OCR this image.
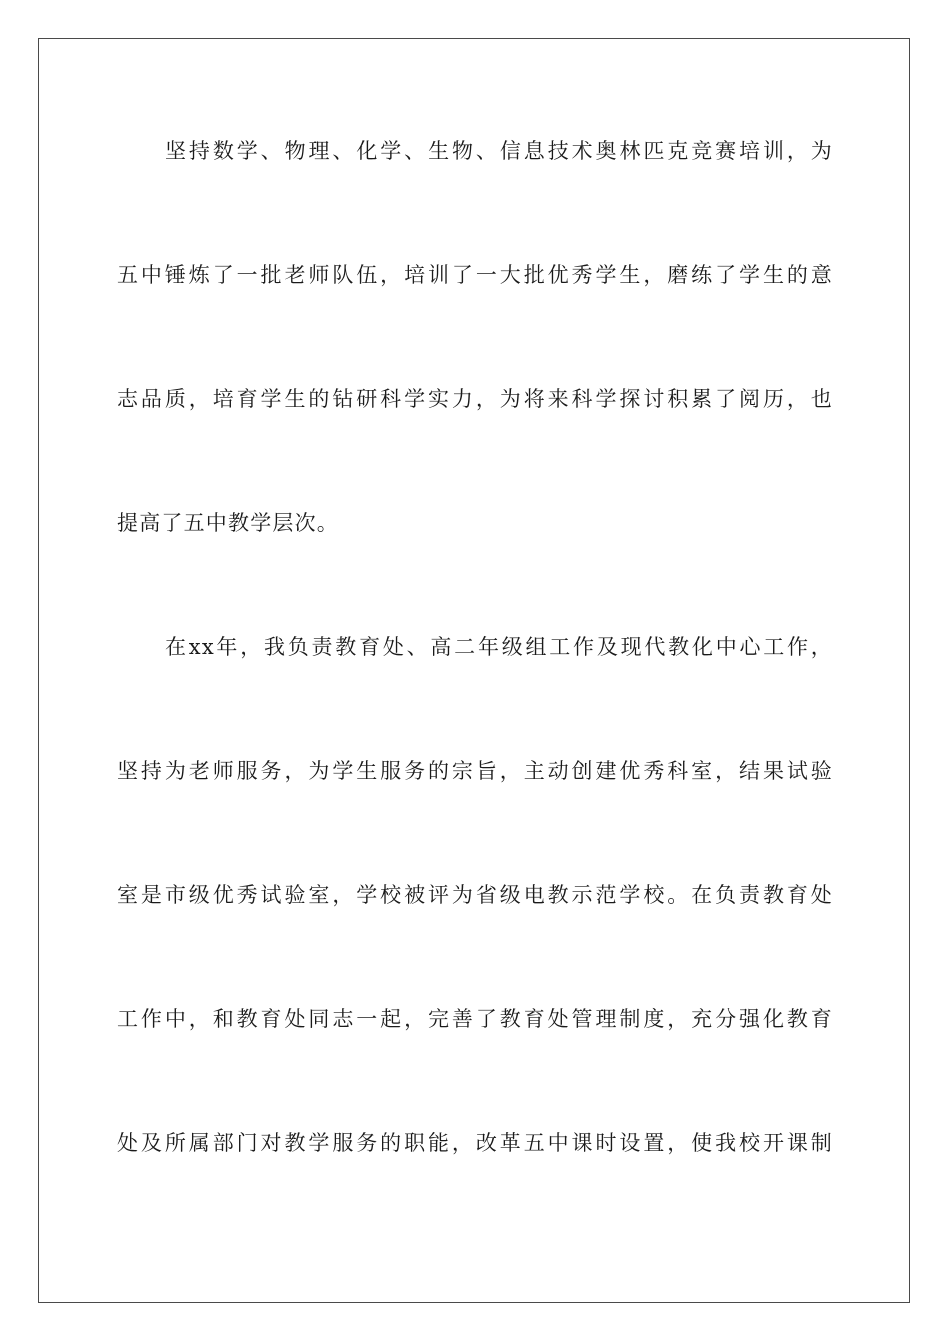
坚持数学、物理、化学、生物、信息技术奥林匹克竞赛培训，为
五中锤炼了一批老师队伍，培训了一大批优秀学生，磨练了学生的意
志品质，培育学生的钻研科学实力，为将来科学探讨积累了阅历，也
提高了五中教学层次。
在xx年，我负责教育处、高二年级组工作及现代教化中心工作，
坚持为老师服务，为学生服务的宗旨，主动创建优秀科室，结果试验
室是市级优秀试验室，学校被评为省级电教示范学校。在负责教育处
工作中，和教育处同志一起，完善了教育处管理制度，充分强化教育
处及所属部门对教学服务的职能，改革五中课时设置，使我校开课制
